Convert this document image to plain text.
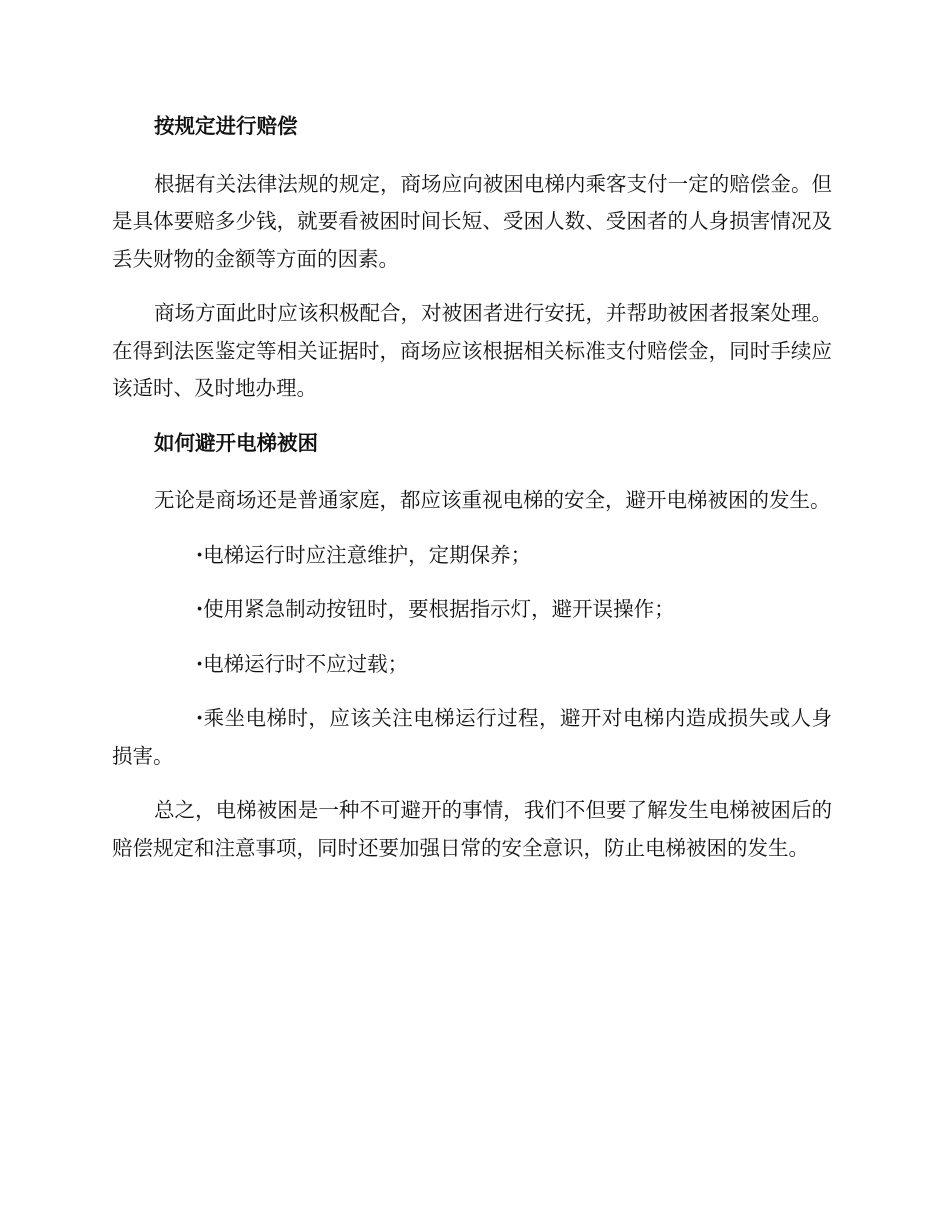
按规定进行赔偿

根据有关法律法规的规定，商场应向被困电梯内乘客支付一定的赔偿金。但是具体要赔多少钱，就要看被困时间长短、受困人数、受困者的人身损害情况及丢失财物的金额等方面的因素。

商场方面此时应该积极配合，对被困者进行安抚，并帮助被困者报案处理。在得到法医鉴定等相关证据时，商场应该根据相关标准支付赔偿金，同时手续应该适时、及时地办理。

如何避开电梯被困

无论是商场还是普通家庭，都应该重视电梯的安全，避开电梯被困的发生。

·电梯运行时应注意维护，定期保养；

·使用紧急制动按钮时，要根据指示灯，避开误操作；

·电梯运行时不应过载；

·乘坐电梯时，应该关注电梯运行过程，避开对电梯内造成损失或人身损害。

总之，电梯被困是一种不可避开的事情，我们不但要了解发生电梯被困后的赔偿规定和注意事项，同时还要加强日常的安全意识，防止电梯被困的发生。
